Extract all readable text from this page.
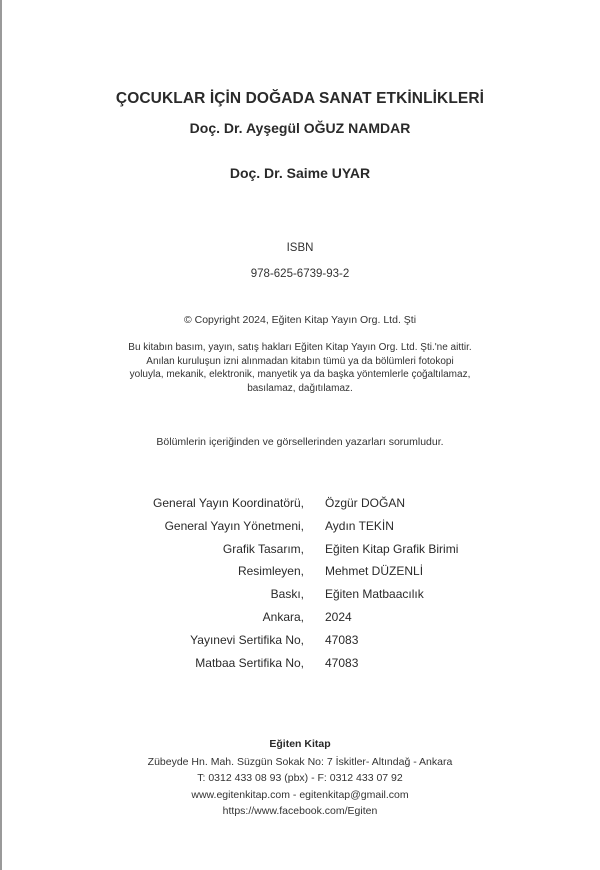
ÇOCUKLAR İÇİN DOĞADA SANAT ETKİNLİKLERİ
Doç. Dr. Ayşegül OĞUZ NAMDAR
Doç. Dr. Saime UYAR
ISBN
978-625-6739-93-2
© Copyright 2024, Eğiten Kitap Yayın Org. Ltd. Şti
Bu kitabın basım, yayın, satış hakları Eğiten Kitap Yayın Org. Ltd. Şti.'ne aittir.
Anılan kuruluşun izni alınmadan kitabın tümü ya da bölümleri fotokopi
yoluyla, mekanik, elektronik, manyetik ya da başka yöntemlerle çoğaltılamaz,
basılamaz, dağıtılamaz.
Bölümlerin içeriğinden ve görsellerinden yazarları sorumludur.
General Yayın Koordinatörü, Özgür DOĞAN
General Yayın Yönetmeni, Aydın TEKİN
Grafik Tasarım, Eğiten Kitap Grafik Birimi
Resimleyen, Mehmet DÜZENLİ
Baskı, Eğiten Matbaacılık
Ankara, 2024
Yayınevi Sertifika No, 47083
Matbaa Sertifika No, 47083
Eğiten Kitap
Zübeyde Hn. Mah. Süzgün Sokak No: 7 İskitler- Altındağ - Ankara
T: 0312 433 08 93 (pbx) - F: 0312 433 07 92
www.egitenkitap.com - egitenkitap@gmail.com
https://www.facebook.com/Egiten
